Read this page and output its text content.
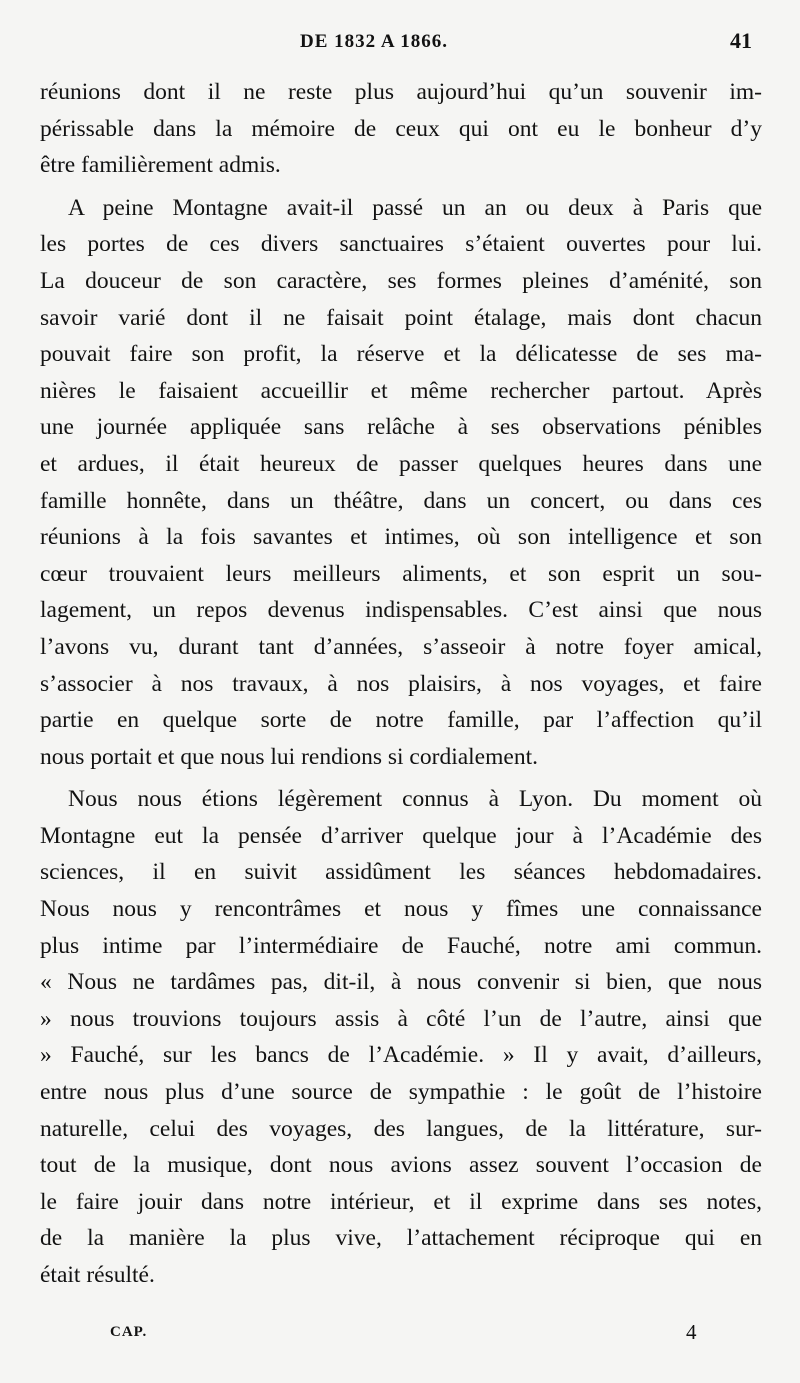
DE 1832 A 1866.	41
réunions dont il ne reste plus aujourd’hui qu’un souvenir im-
périssable dans la mémoire de ceux qui ont eu le bonheur d’y
être familièrement admis.
A peine Montagne avait-il passé un an ou deux à Paris que
les portes de ces divers sanctuaires s’étaient ouvertes pour lui.
La douceur de son caractère, ses formes pleines d’aménité, son
savoir varié dont il ne faisait point étalage, mais dont chacun
pouvait faire son profit, la réserve et la délicatesse de ses ma-
nières le faisaient accueillir et même rechercher partout. Après
une journée appliquée sans relâche à ses observations pénibles
et ardues, il était heureux de passer quelques heures dans une
famille honnête, dans un théâtre, dans un concert, ou dans ces
réunions à la fois savantes et intimes, où son intelligence et son
cœur trouvaient leurs meilleurs aliments, et son esprit un sou-
lagement, un repos devenus indispensables. C’est ainsi que nous
l’avons vu, durant tant d’années, s’asseoir à notre foyer amical,
s’associer à nos travaux, à nos plaisirs, à nos voyages, et faire
partie en quelque sorte de notre famille, par l’affection qu’il
nous portait et que nous lui rendions si cordialement.
Nous nous étions légèrement connus à Lyon. Du moment où
Montagne eut la pensée d’arriver quelque jour à l’Académie des
sciences, il en suivit assidûment les séances hebdomadaires.
Nous nous y rencontrâmes et nous y fîmes une connaissance
plus intime par l’intermédiaire de Fauché, notre ami commun.
« Nous ne tardâmes pas, dit-il, à nous convenir si bien, que nous
» nous trouvions toujours assis à côté l’un de l’autre, ainsi que
» Fauché, sur les bancs de l’Académie. » Il y avait, d’ailleurs,
entre nous plus d’une source de sympathie : le goût de l’histoire
naturelle, celui des voyages, des langues, de la littérature, sur-
tout de la musique, dont nous avions assez souvent l’occasion de
le faire jouir dans notre intérieur, et il exprime dans ses notes,
de la manière la plus vive, l’attachement réciproque qui en
était résulté.
CAP.	4
